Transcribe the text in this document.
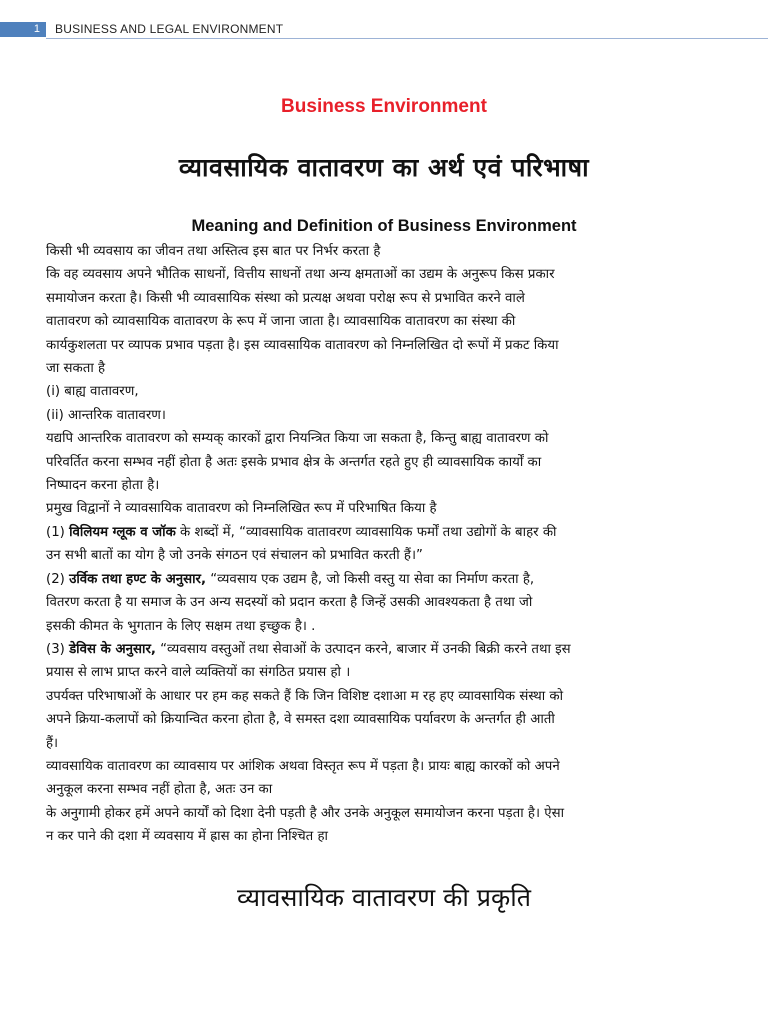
1	BUSINESS AND LEGAL ENVIRONMENT
Business Environment
व्यावसायिक वातावरण का अर्थ एवं परिभाषा
Meaning and Definition of Business Environment

किसी भी व्यवसाय का जीवन तथा अस्तित्व इस बात पर निर्भर करता है

कि वह व्यवसाय अपने भौतिक साधनों, वित्तीय साधनों तथा अन्य क्षमताओं का उद्यम के अनुरूप किस प्रकार

समायोजन करता है। किसी भी व्यावसायिक संस्था को प्रत्यक्ष अथवा परोक्ष रूप से प्रभावित करने वाले

वातावरण को व्यावसायिक वातावरण के रूप में जाना जाता है। व्यावसायिक वातावरण का संस्था की

कार्यकुशलता पर व्यापक प्रभाव पड़ता है। इस व्यावसायिक वातावरण को निम्नलिखित दो रूपों में प्रकट किया

जा सकता है

(i) बाह्य वातावरण,

(ii) आन्तरिक वातावरण।

यद्यपि आन्तरिक वातावरण को सम्यक् कारकों द्वारा नियन्त्रित किया जा सकता है, किन्तु बाह्य वातावरण को

परिवर्तित करना सम्भव नहीं होता है अतः इसके प्रभाव क्षेत्र के अन्तर्गत रहते हुए ही व्यावसायिक कार्यों का

निष्पादन करना होता है।

प्रमुख विद्वानों ने व्यावसायिक वातावरण को निम्नलिखित रूप में परिभाषित किया है

(1) विलियम ग्लूक व जॉक के शब्दों में, “व्यावसायिक वातावरण व्यावसायिक फर्मों तथा उद्योगों के बाहर की

उन सभी बातों का योग है जो उनके संगठन एवं संचालन को प्रभावित करती हैं।”

(2) उर्विक तथा हण्ट के अनुसार, “व्यवसाय एक उद्यम है, जो किसी वस्तु या सेवा का निर्माण करता है,

वितरण करता है या समाज के उन अन्य सदस्यों को प्रदान करता है जिन्हें उसकी आवश्यकता है तथा जो

इसकी कीमत के भुगतान के लिए सक्षम तथा इच्छुक है। .

(3) डेविस के अनुसार, “व्यवसाय वस्तुओं तथा सेवाओं के उत्पादन करने, बाजार में उनकी बिक्री करने तथा इस

प्रयास से लाभ प्राप्त करने वाले व्यक्तियों का संगठित प्रयास हो ।

उपर्यक्त परिभाषाओं के आधार पर हम कह सकते हैं कि जिन विशिष्ट दशाआ म रह हए व्यावसायिक संस्था को

अपने क्रिया-कलापों को क्रियान्वित करना होता है, वे समस्त दशा व्यावसायिक पर्यावरण के अन्तर्गत ही आती

हैं।

व्यावसायिक वातावरण का व्यावसाय पर आंशिक अथवा विस्तृत रूप में पड़ता है। प्रायः बाह्य कारकों को अपने

अनुकूल करना सम्भव नहीं होता है, अतः उन का

के अनुगामी होकर हमें अपने कार्यों को दिशा देनी पड़ती है और उनके अनुकूल समायोजन करना पड़ता है। ऐसा

न कर पाने की दशा में व्यवसाय में ह्रास का होना निश्चित हा

व्यावसायिक वातावरण की प्रकृति
